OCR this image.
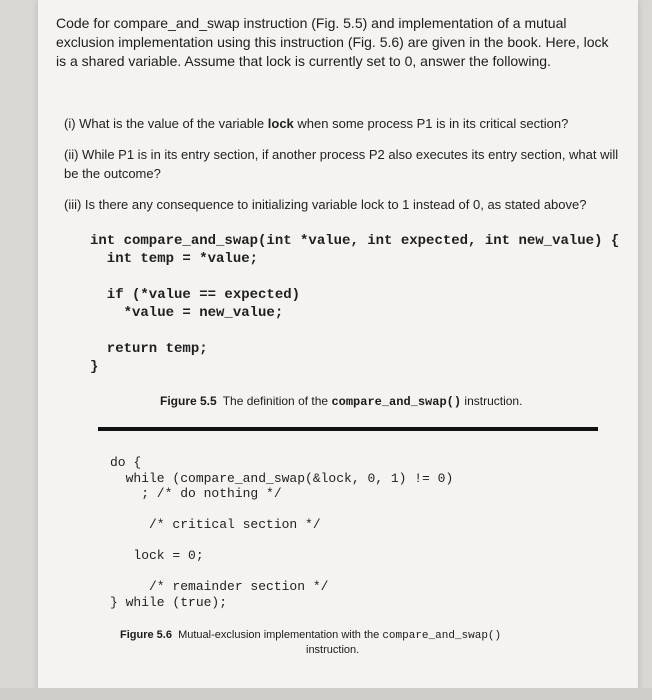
Code for compare_and_swap instruction (Fig. 5.5) and implementation of a mutual exclusion implementation using this instruction (Fig. 5.6) are given in the book. Here, lock is a shared variable. Assume that lock is currently set to 0, answer the following.
(i) What is the value of the variable lock when some process P1 is in its critical section?
(ii) While P1 is in its entry section, if another process P2 also executes its entry section, what will be the outcome?
(iii) Is there any consequence to initializing variable lock to 1 instead of 0, as stated above?
int compare_and_swap(int *value, int expected, int new_value) {
int temp = *value;

if (*value == expected)
*value = new_value;

return temp;
}
Figure 5.5 The definition of the compare_and_swap() instruction.
do {
while (compare_and_swap(&lock, 0, 1) != 0)
; /* do nothing */

/* critical section */

lock = 0;

/* remainder section */
} while (true);
Figure 5.6 Mutual-exclusion implementation with the compare_and_swap()
instruction.
